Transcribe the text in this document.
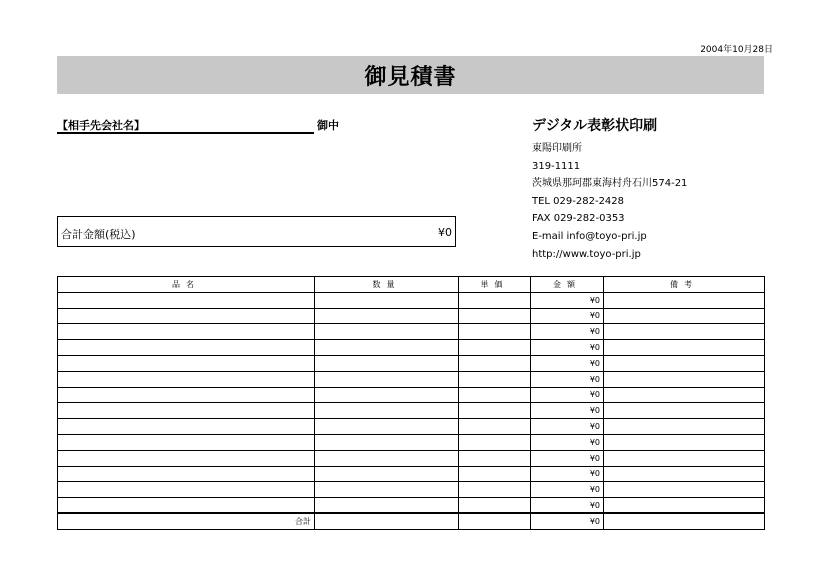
2004年10月28日
御見積書
【相手先会社名】	御中
合計金額(税込)	¥0
デジタル表彰状印刷
東陽印刷所
319-1111
茨城県那珂郡東海村舟石川574-21
TEL 029-282-2428
FAX 029-282-0353
E-mail info@toyo-pri.jp
http://www.toyo-pri.jp
品名	数量	単価	金額	備考
			¥0	
			¥0	
			¥0	
			¥0	
			¥0	
			¥0	
			¥0	
			¥0	
			¥0	
			¥0	
			¥0	
			¥0	
			¥0	
			¥0	
合計			¥0	
